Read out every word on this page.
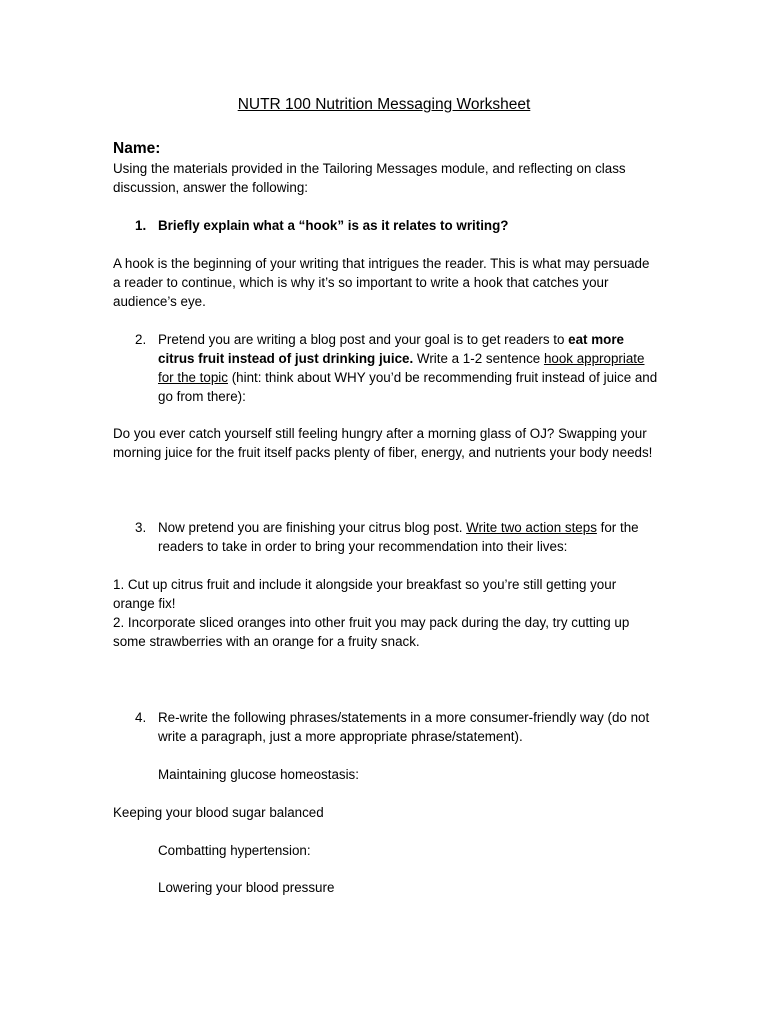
NUTR 100 Nutrition Messaging Worksheet
Name:
Using the materials provided in the Tailoring Messages module, and reflecting on class discussion, answer the following:
1. Briefly explain what a “hook” is as it relates to writing?
A hook is the beginning of your writing that intrigues the reader. This is what may persuade a reader to continue, which is why it’s so important to write a hook that catches your audience’s eye.
2. Pretend you are writing a blog post and your goal is to get readers to eat more citrus fruit instead of just drinking juice. Write a 1-2 sentence hook appropriate for the topic (hint: think about WHY you’d be recommending fruit instead of juice and go from there):
Do you ever catch yourself still feeling hungry after a morning glass of OJ? Swapping your morning juice for the fruit itself packs plenty of fiber, energy, and nutrients your body needs!
3. Now pretend you are finishing your citrus blog post. Write two action steps for the readers to take in order to bring your recommendation into their lives:
1. Cut up citrus fruit and include it alongside your breakfast so you’re still getting your orange fix!
2. Incorporate sliced oranges into other fruit you may pack during the day, try cutting up some strawberries with an orange for a fruity snack.
4. Re-write the following phrases/statements in a more consumer-friendly way (do not write a paragraph, just a more appropriate phrase/statement).
Maintaining glucose homeostasis:
Keeping your blood sugar balanced
Combatting hypertension:
Lowering your blood pressure
